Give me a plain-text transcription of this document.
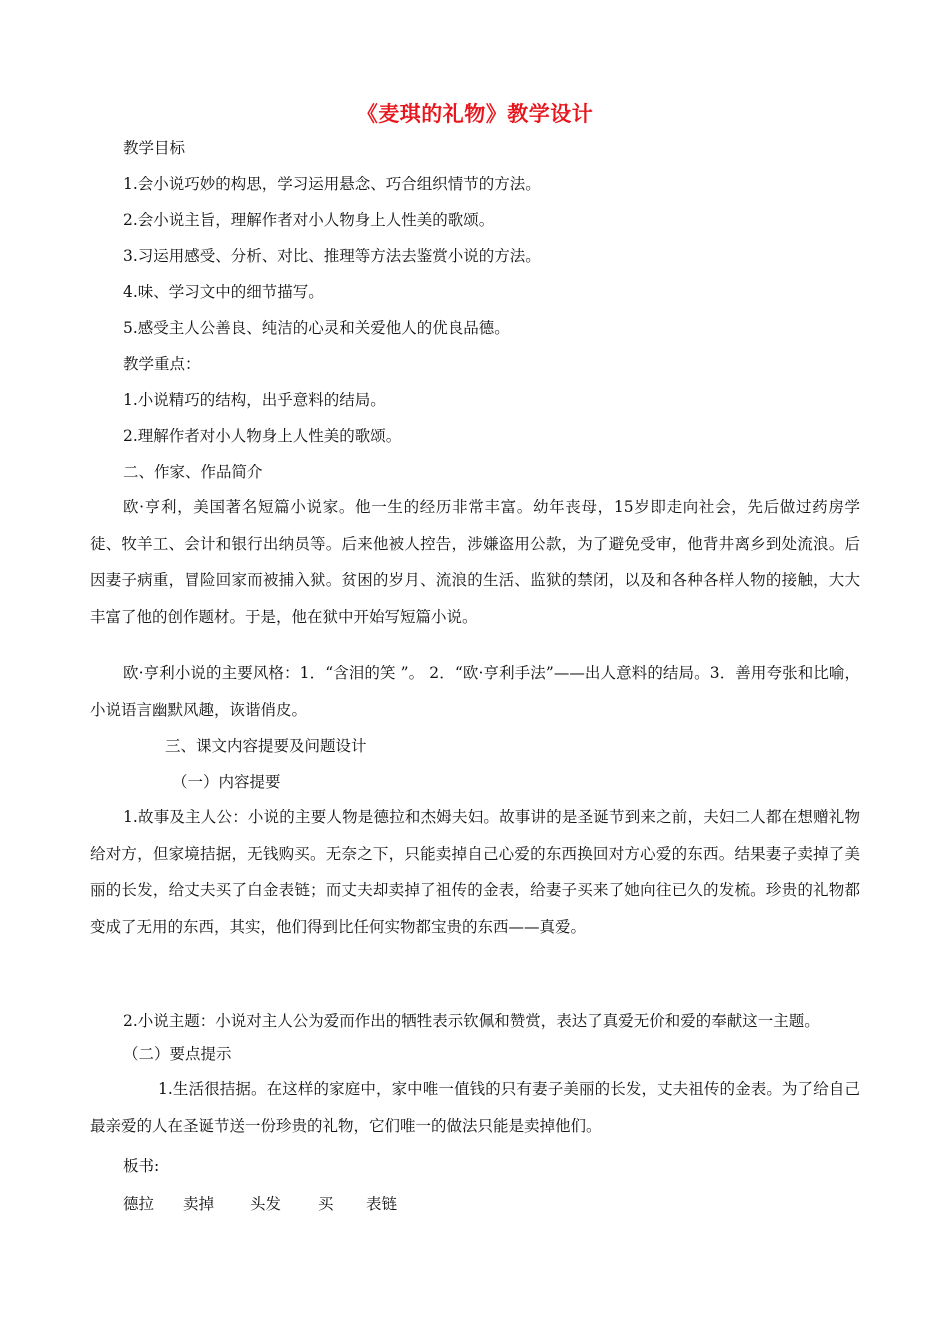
《麦琪的礼物》教学设计
教学目标
1.会小说巧妙的构思，学习运用悬念、巧合组织情节的方法。
2.会小说主旨，理解作者对小人物身上人性美的歌颂。
3.习运用感受、分析、对比、推理等方法去鉴赏小说的方法。
4.味、学习文中的细节描写。
5.感受主人公善良、纯洁的心灵和关爱他人的优良品德。
教学重点：
1.小说精巧的结构，出乎意料的结局。
2.理解作者对小人物身上人性美的歌颂。
二、作家、作品简介
欧·亨利，美国著名短篇小说家。他一生的经历非常丰富。幼年丧母，15岁即走向社会，先后做过药房学徒、牧羊工、会计和银行出纳员等。后来他被人控告，涉嫌盗用公款，为了避免受审，他背井离乡到处流浪。后因妻子病重，冒险回家而被捕入狱。贫困的岁月、流浪的生活、监狱的禁闭，以及和各种各样人物的接触，大大丰富了他的创作题材。于是，他在狱中开始写短篇小说。
欧·亨利小说的主要风格：1．“含泪的笑 ”。 2．“欧·亨利手法”——出人意料的结局。3．善用夸张和比喻，小说语言幽默风趣，诙谐俏皮。
三、课文内容提要及问题设计
（一）内容提要
1.故事及主人公：小说的主要人物是德拉和杰姆夫妇。故事讲的是圣诞节到来之前，夫妇二人都在想赠礼物给对方，但家境拮据，无钱购买。无奈之下，只能卖掉自己心爱的东西换回对方心爱的东西。结果妻子卖掉了美丽的长发，给丈夫买了白金表链；而丈夫却卖掉了祖传的金表，给妻子买来了她向往已久的发梳。珍贵的礼物都变成了无用的东西，其实，他们得到比任何实物都宝贵的东西——真爱。
2.小说主题：小说对主人公为爱而作出的牺牲表示钦佩和赞赏，表达了真爱无价和爱的奉献这一主题。
（二）要点提示
1.生活很拮据。在这样的家庭中，家中唯一值钱的只有妻子美丽的长发，丈夫祖传的金表。为了给自己最亲爱的人在圣诞节送一份珍贵的礼物，它们唯一的做法只能是卖掉他们。
板书:
德拉	卖掉	头发	买	表链
